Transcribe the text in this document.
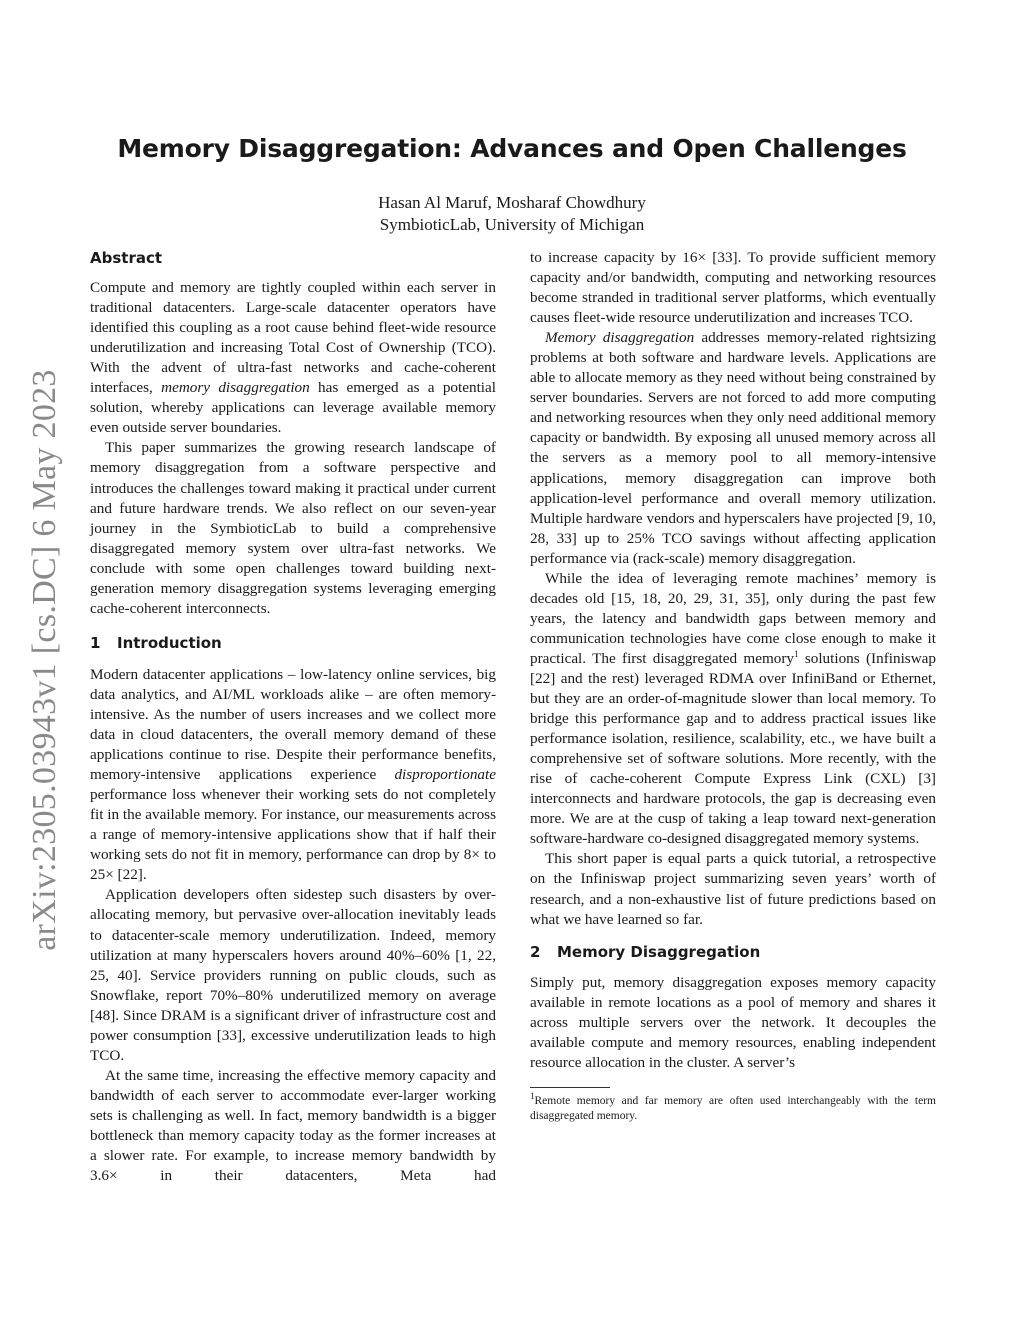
arXiv:2305.03943v1 [cs.DC] 6 May 2023
Memory Disaggregation: Advances and Open Challenges
Hasan Al Maruf, Mosharaf Chowdhury
SymbioticLab, University of Michigan
Abstract

Compute and memory are tightly coupled within each server in traditional datacenters. Large-scale datacenter operators have identified this coupling as a root cause behind fleet-wide resource underutilization and increasing Total Cost of Ownership (TCO). With the advent of ultra-fast networks and cache-coherent interfaces, memory disaggregation has emerged as a potential solution, whereby applications can leverage available memory even outside server boundaries.

This paper summarizes the growing research landscape of memory disaggregation from a software perspective and introduces the challenges toward making it practical under current and future hardware trends. We also reflect on our seven-year journey in the SymbioticLab to build a comprehensive disaggregated memory system over ultra-fast networks. We conclude with some open challenges toward building next-generation memory disaggregation systems leveraging emerging cache-coherent interconnects.

1 Introduction

Modern datacenter applications – low-latency online services, big data analytics, and AI/ML workloads alike – are often memory-intensive. As the number of users increases and we collect more data in cloud datacenters, the overall memory demand of these applications continue to rise. Despite their performance benefits, memory-intensive applications experience disproportionate performance loss whenever their working sets do not completely fit in the available memory. For instance, our measurements across a range of memory-intensive applications show that if half their working sets do not fit in memory, performance can drop by 8× to 25× [22].

Application developers often sidestep such disasters by over-allocating memory, but pervasive over-allocation inevitably leads to datacenter-scale memory underutilization. Indeed, memory utilization at many hyperscalers hovers around 40%–60% [1, 22, 25, 40]. Service providers running on public clouds, such as Snowflake, report 70%–80% underutilized memory on average [48]. Since DRAM is a significant driver of infrastructure cost and power consumption [33], excessive underutilization leads to high TCO.

At the same time, increasing the effective memory capacity and bandwidth of each server to accommodate ever-larger working sets is challenging as well. In fact, memory bandwidth is a bigger bottleneck than memory capacity today as the former increases at a slower rate. For example, to increase memory bandwidth by 3.6× in their datacenters, Meta had

to increase capacity by 16× [33]. To provide sufficient memory capacity and/or bandwidth, computing and networking resources become stranded in traditional server platforms, which eventually causes fleet-wide resource underutilization and increases TCO.

Memory disaggregation addresses memory-related rightsizing problems at both software and hardware levels. Applications are able to allocate memory as they need without being constrained by server boundaries. Servers are not forced to add more computing and networking resources when they only need additional memory capacity or bandwidth. By exposing all unused memory across all the servers as a memory pool to all memory-intensive applications, memory disaggregation can improve both application-level performance and overall memory utilization. Multiple hardware vendors and hyperscalers have projected [9, 10, 28, 33] up to 25% TCO savings without affecting application performance via (rack-scale) memory disaggregation.

While the idea of leveraging remote machines’ memory is decades old [15, 18, 20, 29, 31, 35], only during the past few years, the latency and bandwidth gaps between memory and communication technologies have come close enough to make it practical. The first disaggregated memory$^1$ solutions (Infiniswap [22] and the rest) leveraged RDMA over InfiniBand or Ethernet, but they are an order-of-magnitude slower than local memory. To bridge this performance gap and to address practical issues like performance isolation, resilience, scalability, etc., we have built a comprehensive set of software solutions. More recently, with the rise of cache-coherent Compute Express Link (CXL) [3] interconnects and hardware protocols, the gap is decreasing even more. We are at the cusp of taking a leap toward next-generation software-hardware co-designed disaggregated memory systems.

This short paper is equal parts a quick tutorial, a retrospective on the Infiniswap project summarizing seven years’ worth of research, and a non-exhaustive list of future predictions based on what we have learned so far.

2 Memory Disaggregation

Simply put, memory disaggregation exposes memory capacity available in remote locations as a pool of memory and shares it across multiple servers over the network. It decouples the available compute and memory resources, enabling independent resource allocation in the cluster. A server’s

$^1$Remote memory and far memory are often used interchangeably with the term disaggregated memory.
